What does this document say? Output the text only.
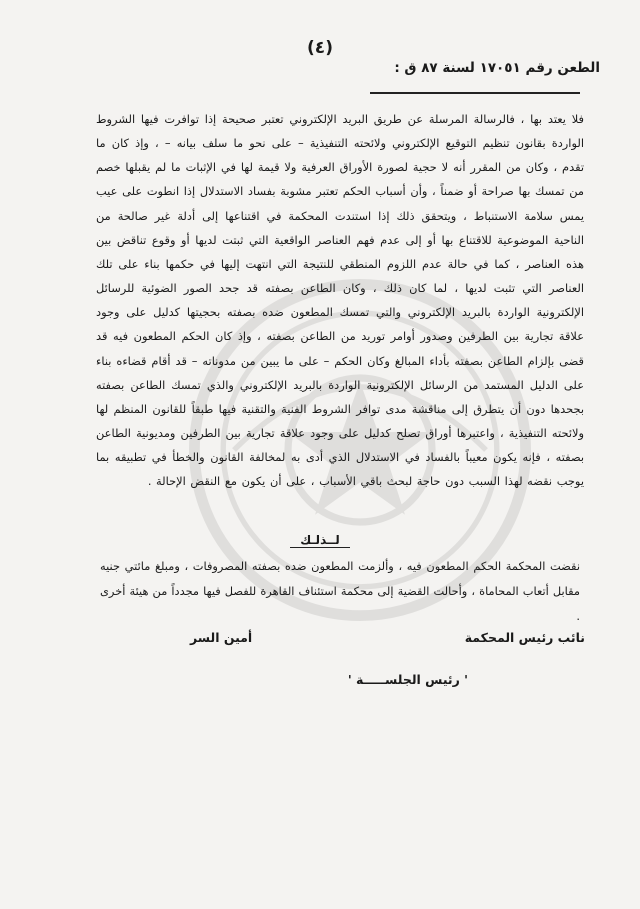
(٤)
الطعن رقم ١٧٠٥١ لسنة ٨٧ ق :
فلا يعتد بها ، فالرسالة المرسلة عن طريق البريد الإلكتروني تعتبر صحيحة إذا توافرت فيها الشروط الواردة بقانون تنظيم التوقيع الإلكتروني ولائحته التنفيذية – على نحو ما سلف بيانه – ، وإذ كان ما تقدم ، وكان من المقرر أنه لا حجية لصورة الأوراق العرفية ولا قيمة لها في الإثبات ما لم يقبلها خصم من تمسك بها صراحة أو ضمناً ، وأن أسباب الحكم تعتبر مشوبة بفساد الاستدلال إذا انطوت على عيب يمس سلامة الاستنباط ، ويتحقق ذلك إذا استندت المحكمة في اقتناعها إلى أدلة غير صالحة من الناحية الموضوعية للاقتناع بها أو إلى عدم فهم العناصر الواقعية التي ثبتت لديها أو وقوع تناقض بين هذه العناصر ، كما في حالة عدم اللزوم المنطقي للنتيجة التي انتهت إليها في حكمها بناء على تلك العناصر التي تثبت لديها ، لما كان ذلك ، وكان الطاعن بصفته قد جحد الصور الضوئية للرسائل الإلكترونية الواردة بالبريد الإلكتروني والتي تمسك المطعون ضده بصفته بحجيتها كدليل على وجود علاقة تجارية بين الطرفين وصدور أوامر توريد من الطاعن بصفته ، وإذ كان الحكم المطعون فيه قد قضى بإلزام الطاعن بصفته بأداء المبالغ وكان الحكم – على ما يبين من مدوناته – قد أقام قضاءه بناء على الدليل المستمد من الرسائل الإلكترونية الواردة بالبريد الإلكتروني والذي تمسك الطاعن بصفته بجحدها دون أن يتطرق إلى مناقشة مدى توافر الشروط الفنية والتقنية فيها طبقاً للقانون المنظم لها ولائحته التنفيذية ، واعتبرها أوراق تصلح كدليل على وجود علاقة تجارية بين الطرفين ومديونية الطاعن بصفته ، فإنه يكون معيباً بالفساد في الاستدلال الذي أدى به لمخالفة القانون والخطأ في تطبيقه بما يوجب نقضه لهذا السبب دون حاجة لبحث باقي الأسباب ، على أن يكون مع النقض الإحالة .
لــذلـك
نقضت المحكمة الحكم المطعون فيه ، وألزمت المطعون ضده بصفته المصروفات ، ومبلغ مائتي جنيه مقابل أتعاب المحاماة ، وأحالت القضية إلى محكمة استئناف القاهرة للفصل فيها مجدداً من هيئة أخرى .
نائب رئيس المحكمة
أمين السر
' رئيس الجلســـــة '
